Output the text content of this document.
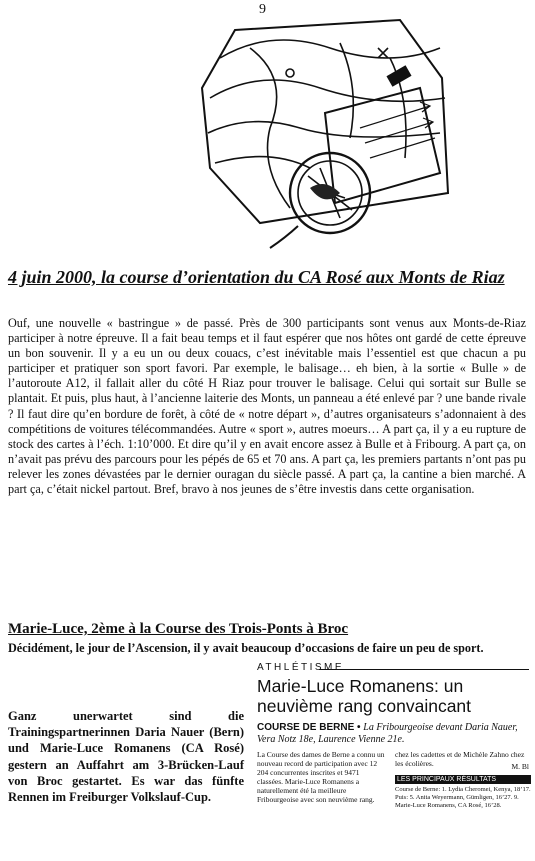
9
4 juin 2000, la course d’orientation du CA Rosé aux Monts de Riaz

Ouf, une nouvelle « bastringue » de passé. Près de 300 participants sont venus aux Monts-de-Riaz participer à notre épreuve. Il a fait beau temps et il faut espérer que nos hôtes ont gardé de cette épreuve un bon souvenir. Il y a eu un ou deux couacs, c’est inévitable mais l’essentiel est que chacun a pu participer et pratiquer son sport favori. Par exemple, le balisage… eh bien, à la sortie « Bulle » de l’autoroute A12, il fallait aller du côté H Riaz pour trouver le balisage. Celui qui sortait sur Bulle se plantait. Et puis, plus haut, à l’ancienne laiterie des Monts, un panneau a été enlevé par ? une bande rivale ? Il faut dire qu’en bordure de forêt, à côté de « notre départ », d’autres organisateurs s’adonnaient à des compétitions de voitures télécommandées. Autre « sport », autres moeurs… A part ça, il y a eu rupture de stock des cartes à l’éch. 1:10’000. Et dire qu’il y en avait encore assez à Bulle et à Fribourg. A part ça, on n’avait pas prévu des parcours pour les pépés de 65 et 70 ans. A part ça, les premiers partants n’ont pas pu relever les zones dévastées par le dernier ouragan du siècle passé. A part ça, la cantine a bien marché. A part ça, c’était nickel partout. Bref, bravo à nos jeunes de s’être investis dans cette organisation.

Marie-Luce, 2ème à la Course des Trois-Ponts à Broc

Décidément, le jour de l’Ascension, il y avait beaucoup d’occasions de faire un peu de sport.

Ganz unerwartet sind die Trainingspartnerinnen Daria Nauer (Bern) und Marie-Luce Romanens (CA Rosé) gestern an Auffahrt am 3-Brücken-Lauf von Broc gestartet. Es war das fünfte Rennen im Freiburger Volkslauf-Cup.

ATHLÉTISME
Marie-Luce Romanens: un neuvième rang convaincant
COURSE DE BERNE • La Fribourgeoise devant Daria Nauer, Vera Notz 18e, Laurence Vienne 21e.
La Course des dames de Berne a connu un nouveau record de participation avec 12 204 concurrentes inscrites et 9471 classées. Marie-Luce Romanens a naturellement été la meilleure Fribourgeoise avec son neuvième rang.
chez les cadettes et de Michèle Zahno chez les écolières.	M. Bl
LES PRINCIPAUX RÉSULTATS
Course de Berne: 1. Lydia Cheromei, Kenya, 18’17. Puis: 5. Anita Weyermann, Gümligen, 16’27. 9. Marie-Luce Romanens, CA Rosé, 16’28.
